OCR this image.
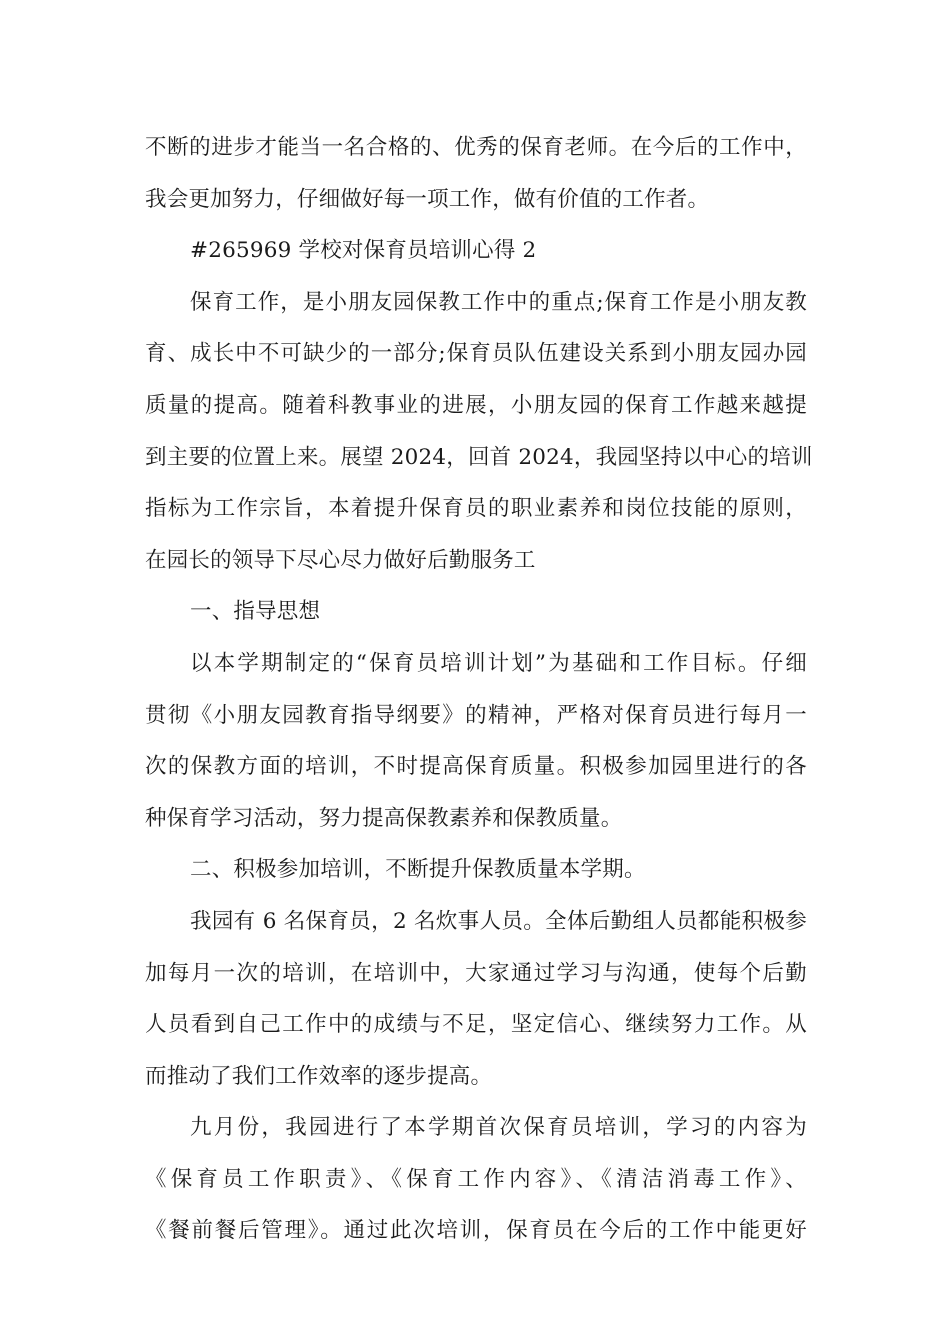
不断的进步才能当一名合格的、优秀的保育老师。在今后的工作中，
我会更加努力，仔细做好每一项工作，做有价值的工作者。
#265969 学校对保育员培训心得 2
保育工作，是小朋友园保教工作中的重点;保育工作是小朋友教
育、成长中不可缺少的一部分;保育员队伍建设关系到小朋友园办园
质量的提高。随着科教事业的进展，小朋友园的保育工作越来越提
到主要的位置上来。展望 2024，回首 2024，我园坚持以中心的培训
指标为工作宗旨，本着提升保育员的职业素养和岗位技能的原则，
在园长的领导下尽心尽力做好后勤服务工
一、指导思想
以本学期制定的“保育员培训计划”为基础和工作目标。仔细
贯彻《小朋友园教育指导纲要》的精神，严格对保育员进行每月一
次的保教方面的培训，不时提高保育质量。积极参加园里进行的各
种保育学习活动，努力提高保教素养和保教质量。
二、积极参加培训，不断提升保教质量本学期。
我园有 6 名保育员，2 名炊事人员。全体后勤组人员都能积极参
加每月一次的培训，在培训中，大家通过学习与沟通，使每个后勤
人员看到自己工作中的成绩与不足，坚定信心、继续努力工作。从
而推动了我们工作效率的逐步提高。
九月份，我园进行了本学期首次保育员培训，学习的内容为
《保育员工作职责》、《保育工作内容》、《清洁消毒工作》、
《餐前餐后管理》。通过此次培训，保育员在今后的工作中能更好
